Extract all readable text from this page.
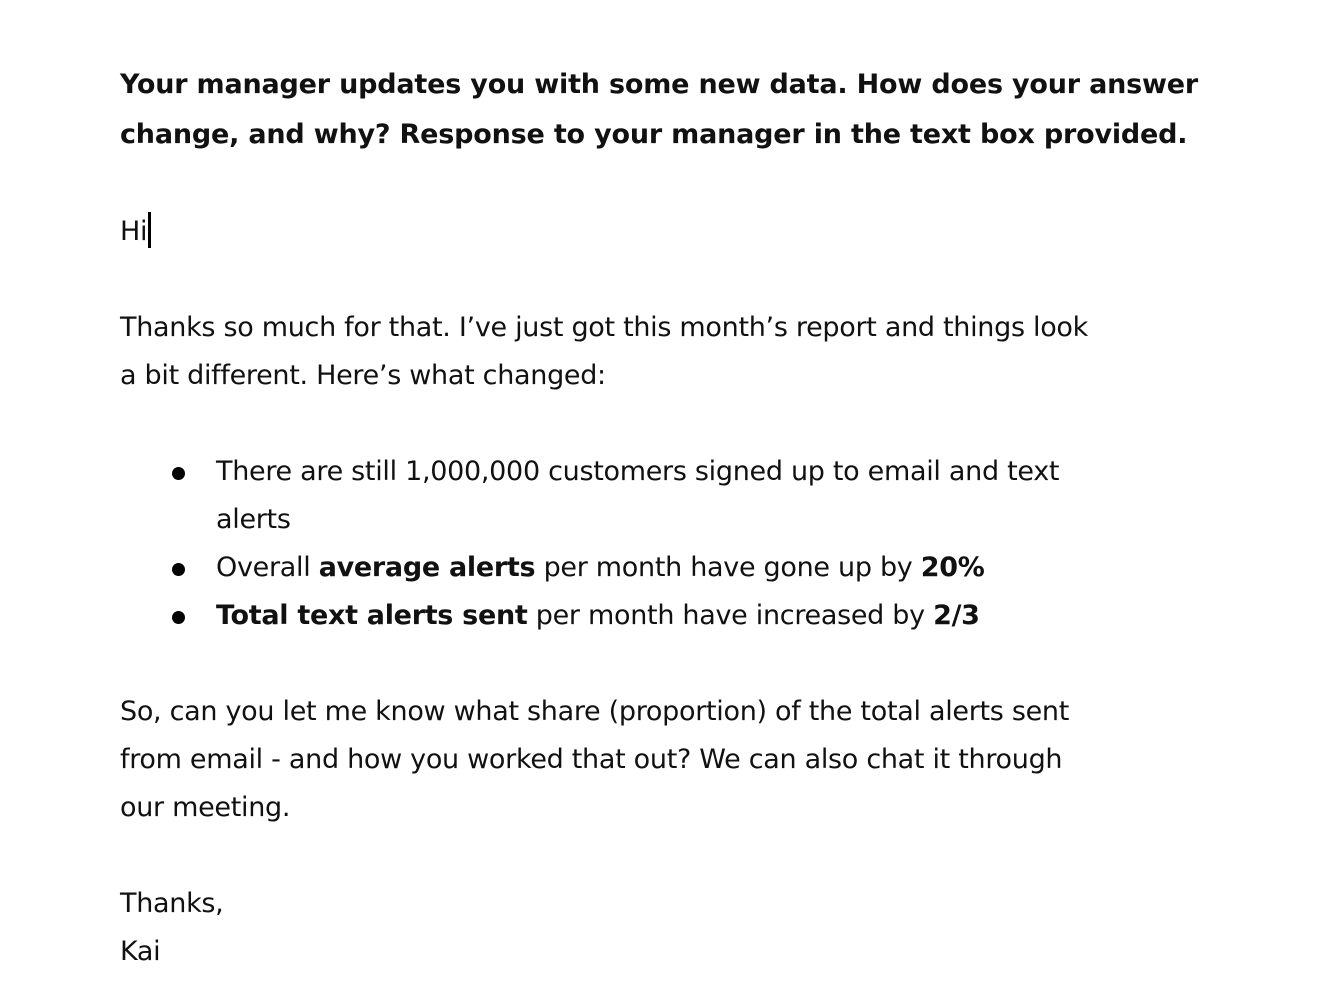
Your manager updates you with some new data. How does your answer
change, and why? Response to your manager in the text box provided.
Hi
Thanks so much for that. I’ve just got this month’s report and things look
a bit different. Here’s what changed:
There are still 1,000,000 customers signed up to email and text
alerts
Overall average alerts per month have gone up by 20%
Total text alerts sent per month have increased by 2/3
So, can you let me know what share (proportion) of the total alerts sent
from email - and how you worked that out? We can also chat it through
our meeting.
Thanks,
Kai
